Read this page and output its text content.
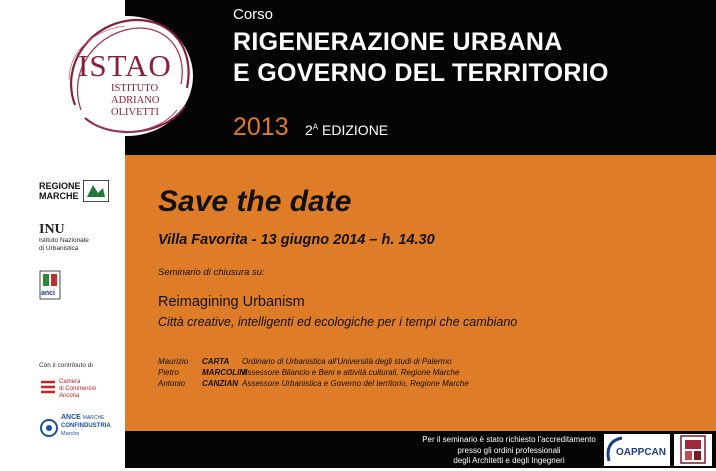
Corso
RIGENERAZIONE URBANA
E GOVERNO DEL TERRITORIO
2013 $2^A$ EDIZIONE
ISTAO
ISTITUTO
ADRIANO
OLIVETTI
Save the date
Villa Favorita - 13 giugno 2014 – h. 14.30
Seminario di chiusura su:
Reimagining Urbanism
Città creative, intelligenti ed ecologiche per i tempi che cambiano
Maurizio CARTA Ordinario di Urbanistica all'Università degli studi di Palermo
Pietro	MARCOLINI
Assessore Bilancio e Beni e attività culturali, Regione Marche
Antonio CANZIAN Assessore Urbanistica e Governo del territorio, Regione Marche
Per il seminario è stato richiesto l'accreditamento
presso gli ordini professionali
degli Architetti e degli Ingegneri
OAPPCAN
REGIONE
MARCHE
INU
Istituto Nazionale
di Urbanistica
anci
Con il contributo di
Camera
di Commercio
Ancona
ANCE MARCHE
CONFINDUSTRIA
Marche
